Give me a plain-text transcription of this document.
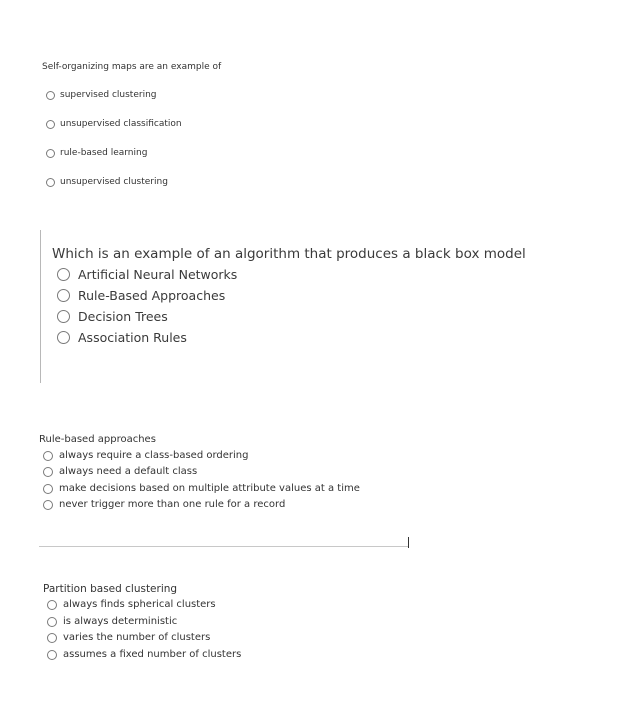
Self-organizing maps are an example of
supervised clustering
unsupervised classification
rule-based learning
unsupervised clustering
Which is an example of an algorithm that produces a black box model
Artificial Neural Networks
Rule-Based Approaches
Decision Trees
Association Rules
Rule-based approaches
always require a class-based ordering
always need a default class
make decisions based on multiple attribute values at a time
never trigger more than one rule for a record
Partition based clustering
always finds spherical clusters
is always deterministic
varies the number of clusters
assumes a fixed number of clusters
